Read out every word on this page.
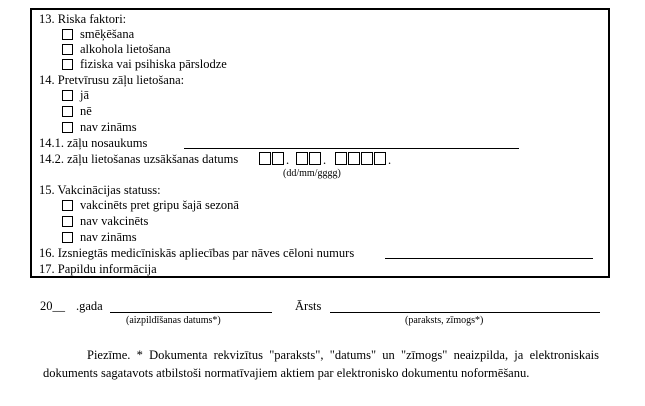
13. Riska faktori:
smēķēšana
alkohola lietošana
fiziska vai psihiska pārslodze
14. Pretvīrusu zāļu lietošana:
jā
nē
nav zināms
14.1. zāļu nosaukums
14.2. zāļu lietošanas uzsākšanas datums	.	.	.
(dd/mm/gggg)
15. Vakcinācijas statuss:
vakcinēts pret gripu šajā sezonā
nav vakcinēts
nav zināms
16. Izsniegtās medicīniskās apliecības par nāves cēloni numurs
17. Papildu informācija
20__ .gada
(aizpildīšanas datums*)
Ārsts
(paraksts, zīmogs*)
Piezīme. * Dokumenta rekvizītus "paraksts", "datums" un "zīmogs" neaizpilda, ja elektroniskais dokuments sagatavots atbilstoši normatīvajiem aktiem par elektronisko dokumentu noformēšanu.
